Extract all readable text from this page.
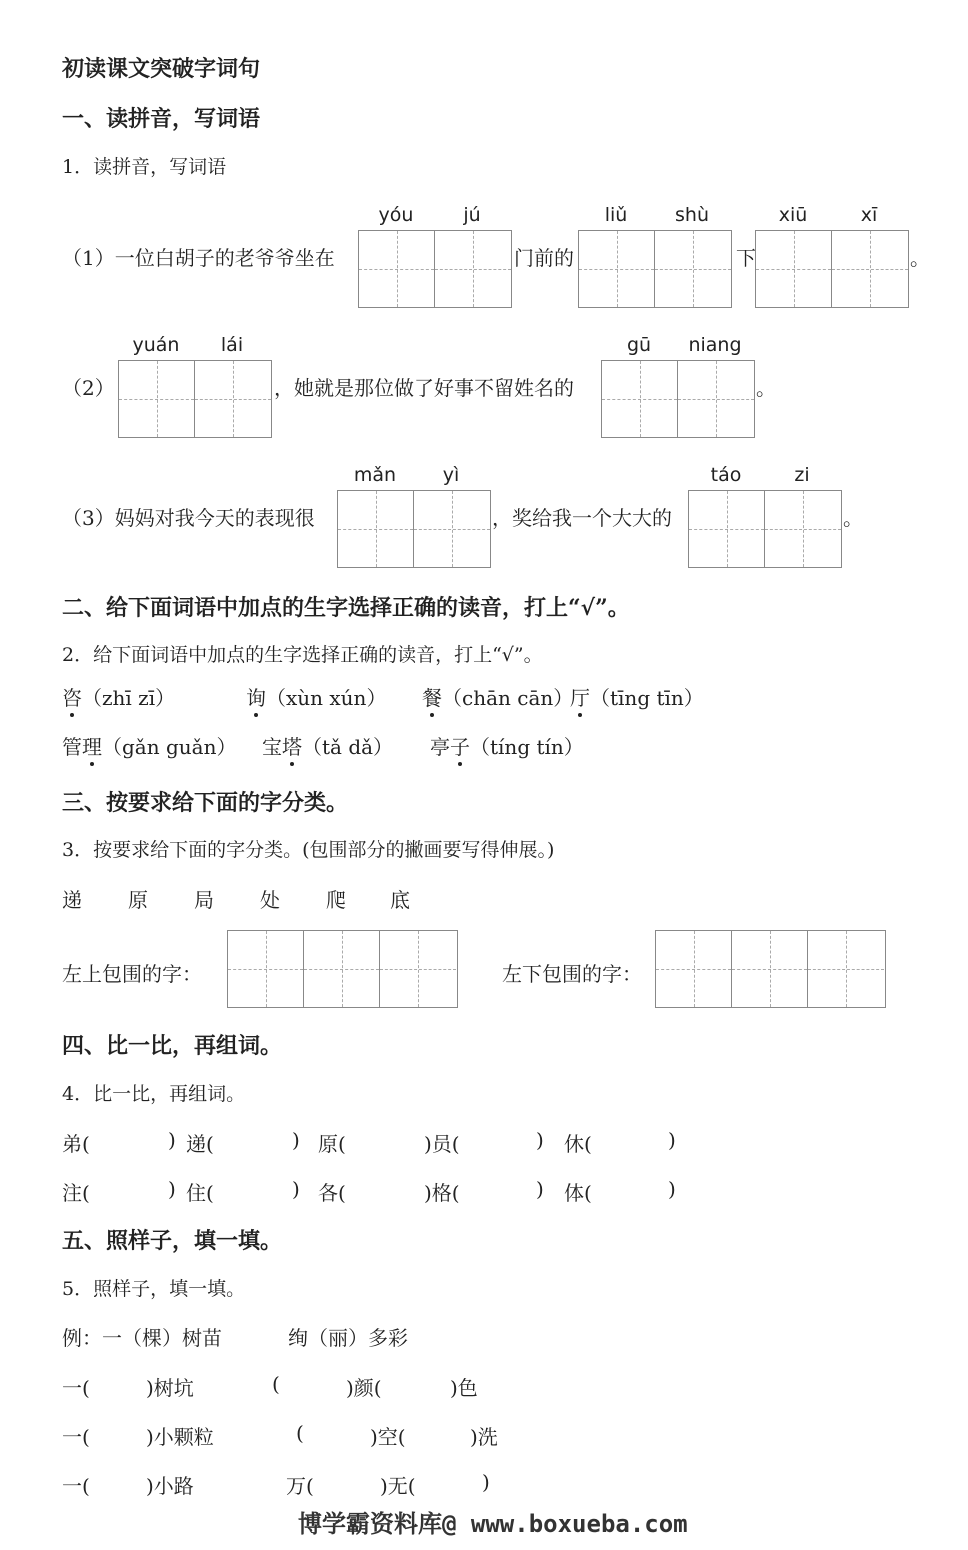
初读课文突破字词句
一、读拼音，写词语
1．读拼音，写词语
（1）一位白胡子的老爷爷坐在
yóu	jú
门前的
liǔ	shù
下
xiū	xī
。
（2）
yuán	lái
，她就是那位做了好事不留姓名的
gū	niang
。
（3）妈妈对我今天的表现很
mǎn	yì
，奖给我一个大大的
táo	zi
。
二、给下面词语中加点的生字选择正确的读音，打上“√”。
2．给下面词语中加点的生字选择正确的读音，打上“√”。
咨（zhī zī）	询（xùn xún） 餐（chān cān）
厅（tīng tīn）
管理（gǎn guǎn） 宝塔（tǎ dǎ） 亭子（tíng tín）
三、按要求给下面的字分类。
3．按要求给下面的字分类。(包围部分的撇画要写得伸展。)
递 原 局 处 爬 底
左上包围的字：	左下包围的字：
四、比一比，再组词。
4．比一比，再组词。
弟(	) 递(	) 原(	)员(	) 休(	)
注(	) 住(	) 各(	)格(	) 体(	)
五、照样子，填一填。
5．照样子，填一填。
例：一（棵）树苗	绚（丽）多彩
一(	)树坑	(	)颜(	)色
一(	)小颗粒	(	)空(	)洗
一(	)小路	万(	)无(	)
博学霸资料库@ www.boxueba.com
